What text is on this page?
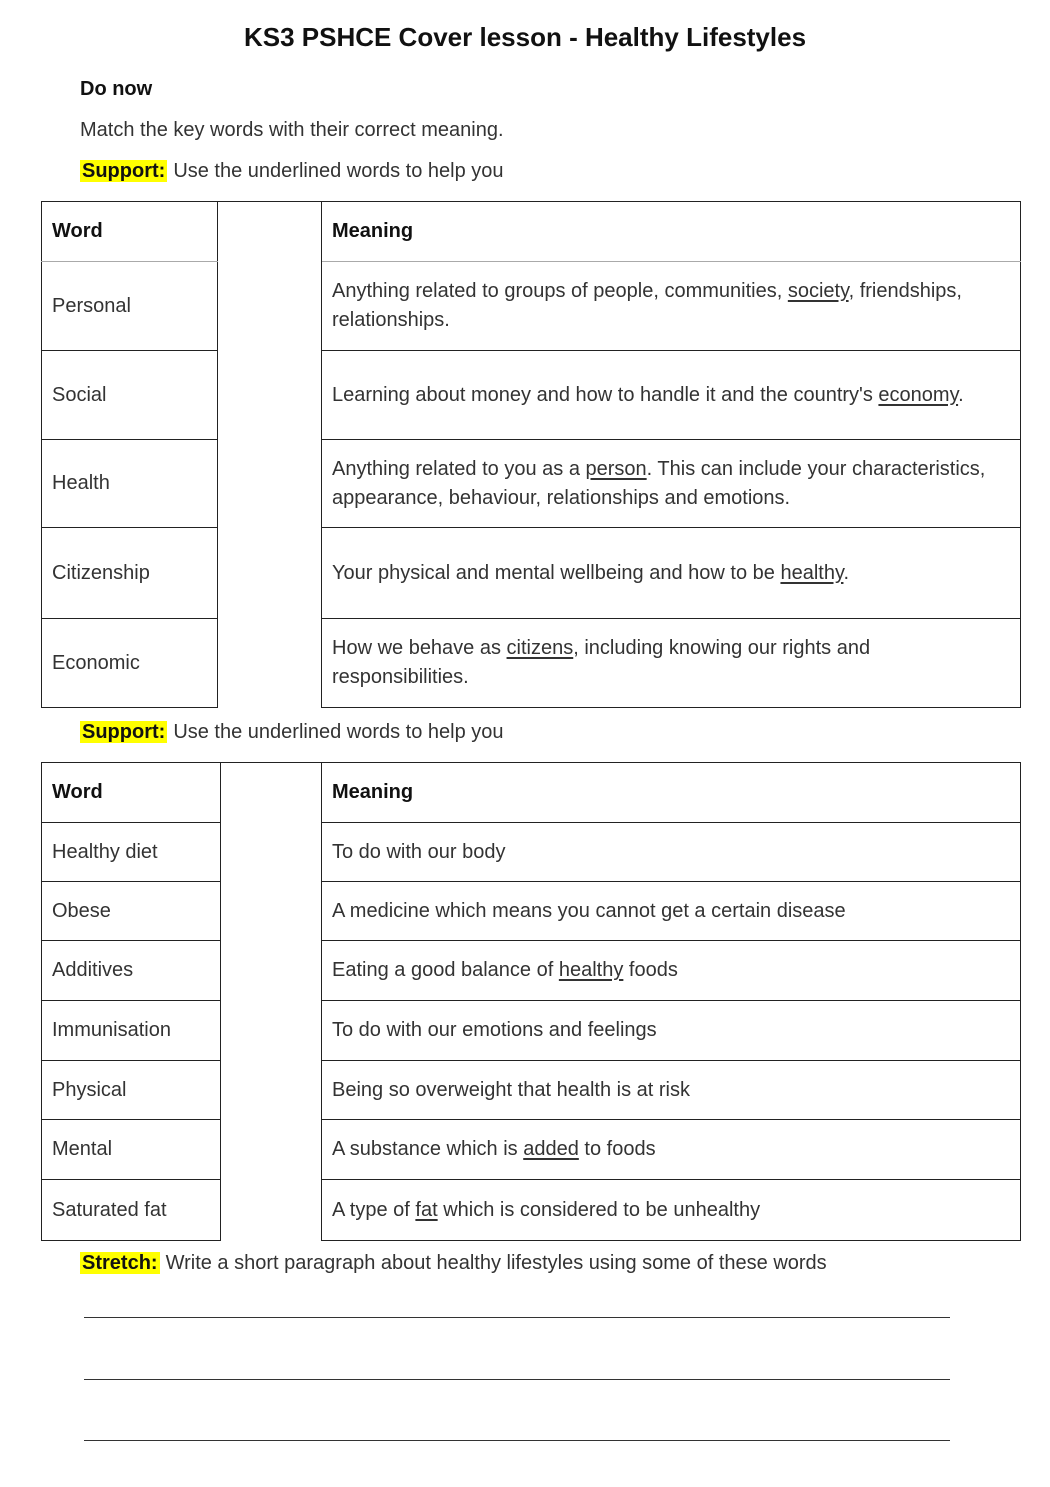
KS3 PSHCE Cover lesson - Healthy Lifestyles
Do now
Match the key words with their correct meaning.
Support: Use the underlined words to help you
Word		Meaning
Personal		Anything related to groups of people, communities, society, friendships, relationships.
Social		Learning about money and how to handle it and the country's economy.
Health		Anything related to you as a person. This can include your characteristics, appearance, behaviour, relationships and emotions.
Citizenship		Your physical and mental wellbeing and how to be healthy.
Economic		How we behave as citizens, including knowing our rights and responsibilities.
Support: Use the underlined words to help you
Word		Meaning
Healthy diet		To do with our body
Obese		A medicine which means you cannot get a certain disease
Additives		Eating a good balance of healthy foods
Immunisation		To do with our emotions and feelings
Physical		Being so overweight that health is at risk
Mental		A substance which is added to foods
Saturated fat		A type of fat which is considered to be unhealthy
Stretch: Write a short paragraph about healthy lifestyles using some of these words
